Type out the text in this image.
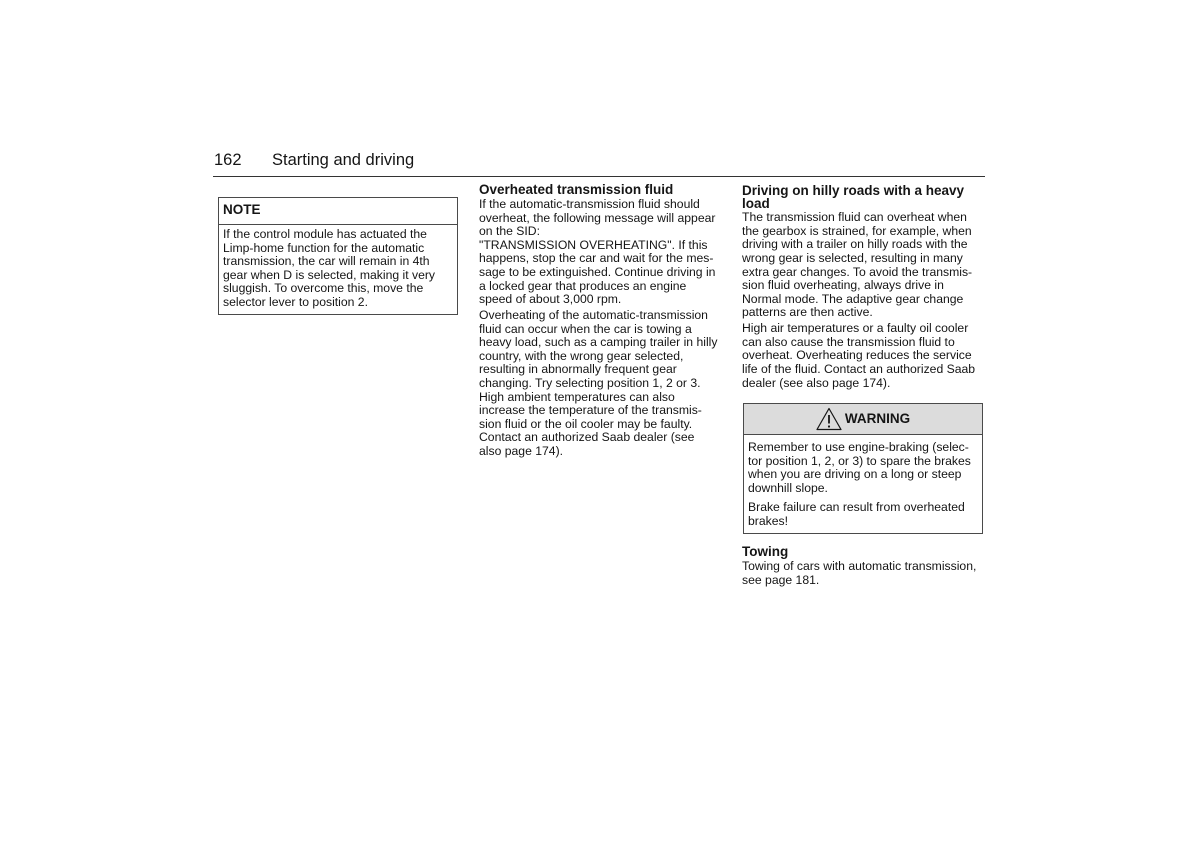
162 Starting and driving
NOTE
If the control module has actuated the
Limp-home function for the automatic
transmission, the car will remain in 4th
gear when D is selected, making it very
sluggish. To overcome this, move the
selector lever to position 2.
Overheated transmission fluid
If the automatic-transmission fluid should
overheat, the following message will appear
on the SID:
"TRANSMISSION OVERHEATING". If this
happens, stop the car and wait for the mes-
sage to be extinguished. Continue driving in
a locked gear that produces an engine
speed of about 3,000 rpm.
Overheating of the automatic-transmission
fluid can occur when the car is towing a
heavy load, such as a camping trailer in hilly
country, with the wrong gear selected,
resulting in abnormally frequent gear
changing. Try selecting position 1, 2 or 3.
High ambient temperatures can also
increase the temperature of the transmis-
sion fluid or the oil cooler may be faulty.
Contact an authorized Saab dealer (see
also page 174).
Driving on hilly roads with a heavy
load
The transmission fluid can overheat when
the gearbox is strained, for example, when
driving with a trailer on hilly roads with the
wrong gear is selected, resulting in many
extra gear changes. To avoid the transmis-
sion fluid overheating, always drive in
Normal mode. The adaptive gear change
patterns are then active.
High air temperatures or a faulty oil cooler
can also cause the transmission fluid to
overheat. Overheating reduces the service
life of the fluid. Contact an authorized Saab
dealer (see also page 174).
WARNING
Remember to use engine-braking (selec-
tor position 1, 2, or 3) to spare the brakes
when you are driving on a long or steep
downhill slope.
Brake failure can result from overheated
brakes!
Towing
Towing of cars with automatic transmission,
see page 181.
